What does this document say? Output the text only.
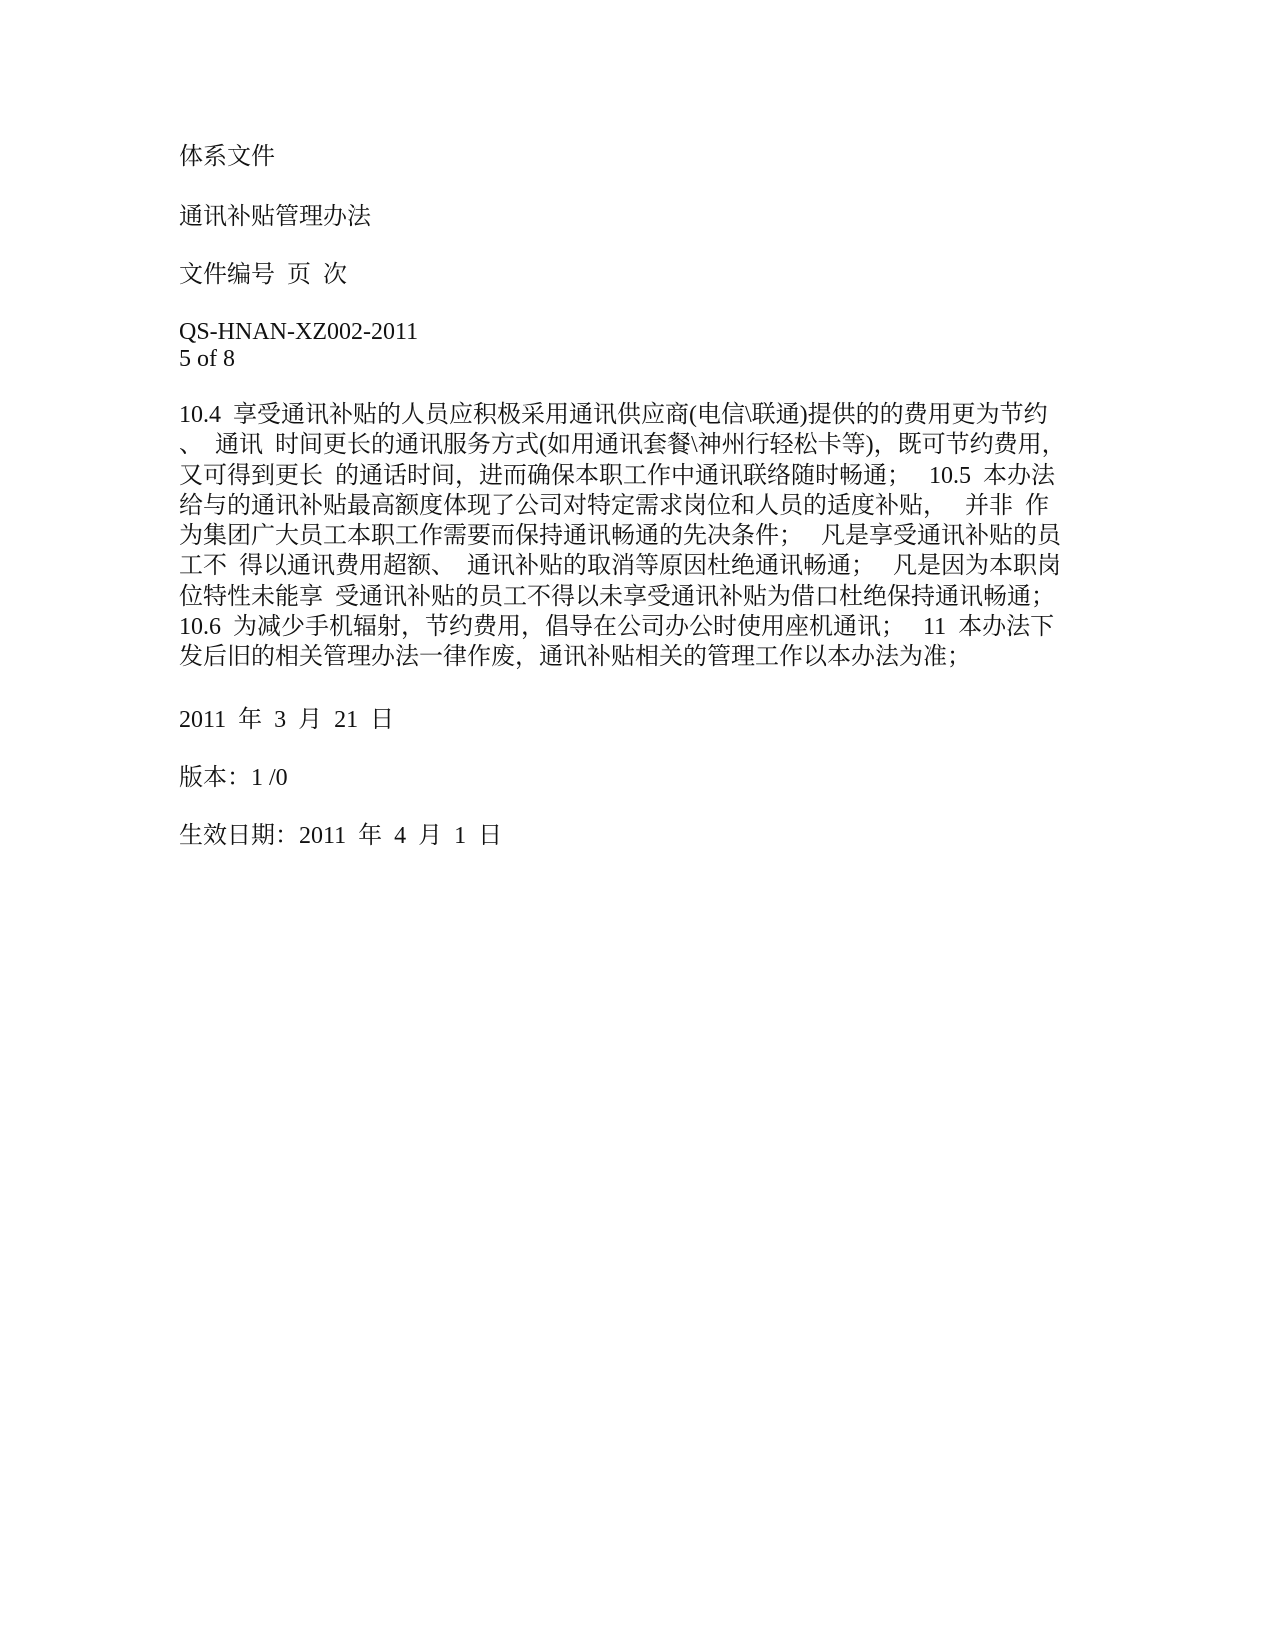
体系文件
通讯补贴管理办法
文件编号  页  次
QS-HNAN-XZ002-2011
5 of 8
10.4  享受通讯补贴的人员应积极采用通讯供应商(电信\联通)提供的的费用更为节约
、  通讯  时间更长的通讯服务方式(如用通讯套餐\神州行轻松卡等)，既可节约费用，
又可得到更长  的通话时间，进而确保本职工作中通讯联络随时畅通；   10.5  本办法
给与的通讯补贴最高额度体现了公司对特定需求岗位和人员的适度补贴，   并非  作
为集团广大员工本职工作需要而保持通讯畅通的先决条件；   凡是享受通讯补贴的员
工不  得以通讯费用超额、  通讯补贴的取消等原因杜绝通讯畅通；   凡是因为本职岗
位特性未能享  受通讯补贴的员工不得以未享受通讯补贴为借口杜绝保持通讯畅通；
10.6  为减少手机辐射，节约费用，倡导在公司办公时使用座机通讯；   11  本办法下
发后旧的相关管理办法一律作废，通讯补贴相关的管理工作以本办法为准；
2011  年  3  月  21  日
版本：1 /0
生效日期：2011  年  4  月  1  日
